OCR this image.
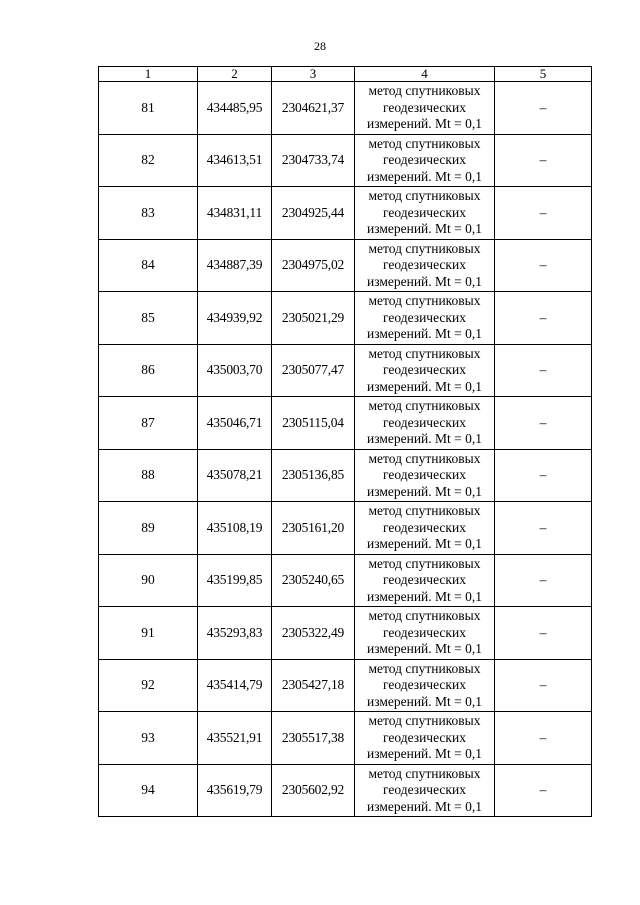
28
1	2	3	4	5
81	434485,95	2304621,37	метод спутниковых
геодезических
измерений. Mt = 0,1	–
82	434613,51	2304733,74	метод спутниковых
геодезических
измерений. Mt = 0,1	–
83	434831,11	2304925,44	метод спутниковых
геодезических
измерений. Mt = 0,1	–
84	434887,39	2304975,02	метод спутниковых
геодезических
измерений. Mt = 0,1	–
85	434939,92	2305021,29	метод спутниковых
геодезических
измерений. Mt = 0,1	–
86	435003,70	2305077,47	метод спутниковых
геодезических
измерений. Mt = 0,1	–
87	435046,71	2305115,04	метод спутниковых
геодезических
измерений. Mt = 0,1	–
88	435078,21	2305136,85	метод спутниковых
геодезических
измерений. Mt = 0,1	–
89	435108,19	2305161,20	метод спутниковых
геодезических
измерений. Mt = 0,1	–
90	435199,85	2305240,65	метод спутниковых
геодезических
измерений. Mt = 0,1	–
91	435293,83	2305322,49	метод спутниковых
геодезических
измерений. Mt = 0,1	–
92	435414,79	2305427,18	метод спутниковых
геодезических
измерений. Mt = 0,1	–
93	435521,91	2305517,38	метод спутниковых
геодезических
измерений. Mt = 0,1	–
94	435619,79	2305602,92	метод спутниковых
геодезических
измерений. Mt = 0,1	–
